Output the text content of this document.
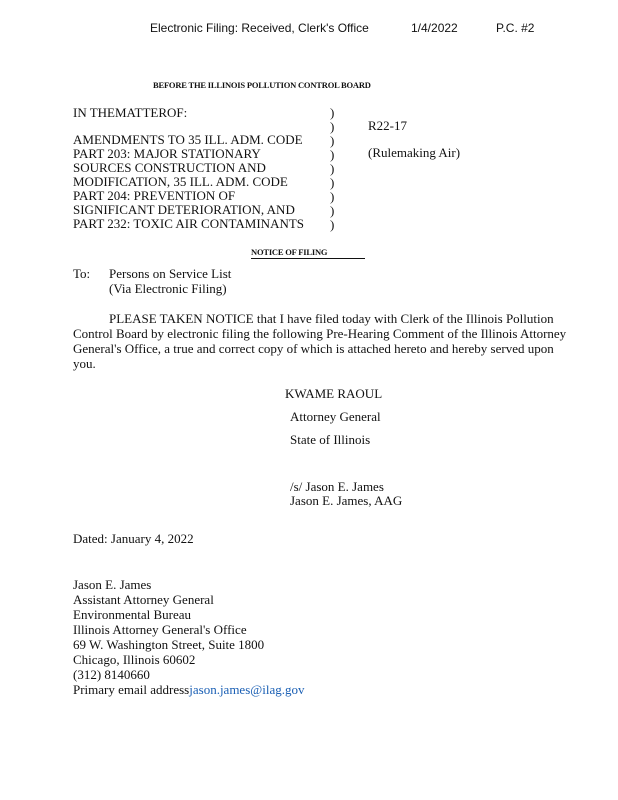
Electronic Filing: Received, Clerk's Office	1/4/2022	P.C. #2
BEFORE THE ILLINOIS POLLUTION CONTROL BOARD
IN THEMATTEROF:
AMENDMENTS TO 35 ILL. ADM. CODE
PART 203: MAJOR STATIONARY
SOURCES CONSTRUCTION AND
MODIFICATION, 35 ILL. ADM. CODE
PART 204: PREVENTION OF
SIGNIFICANT DETERIORATION, AND
PART 232: TOXIC AIR CONTAMINANTS
)
)
)
)
)
)
)
)
)
R22-17
(Rulemaking Air)
NOTICE OF FILING
To: Persons on Service List
(Via Electronic Filing)
PLEASE TAKEN NOTICE that I have filed today with Clerk of the Illinois Pollution
Control Board by electronic filing the following Pre-Hearing Comment of the Illinois Attorney
General's Office, a true and correct copy of which is attached hereto and hereby served upon
you.
KWAME RAOUL
Attorney General
State of Illinois
/s/ Jason E. James
Jason E. James, AAG
Dated: January 4, 2022
Jason E. James
Assistant Attorney General
Environmental Bureau
Illinois Attorney General's Office
69 W. Washington Street, Suite 1800
Chicago, Illinois 60602
(312) 8140660
Primary email addressjason.james@ilag.gov
